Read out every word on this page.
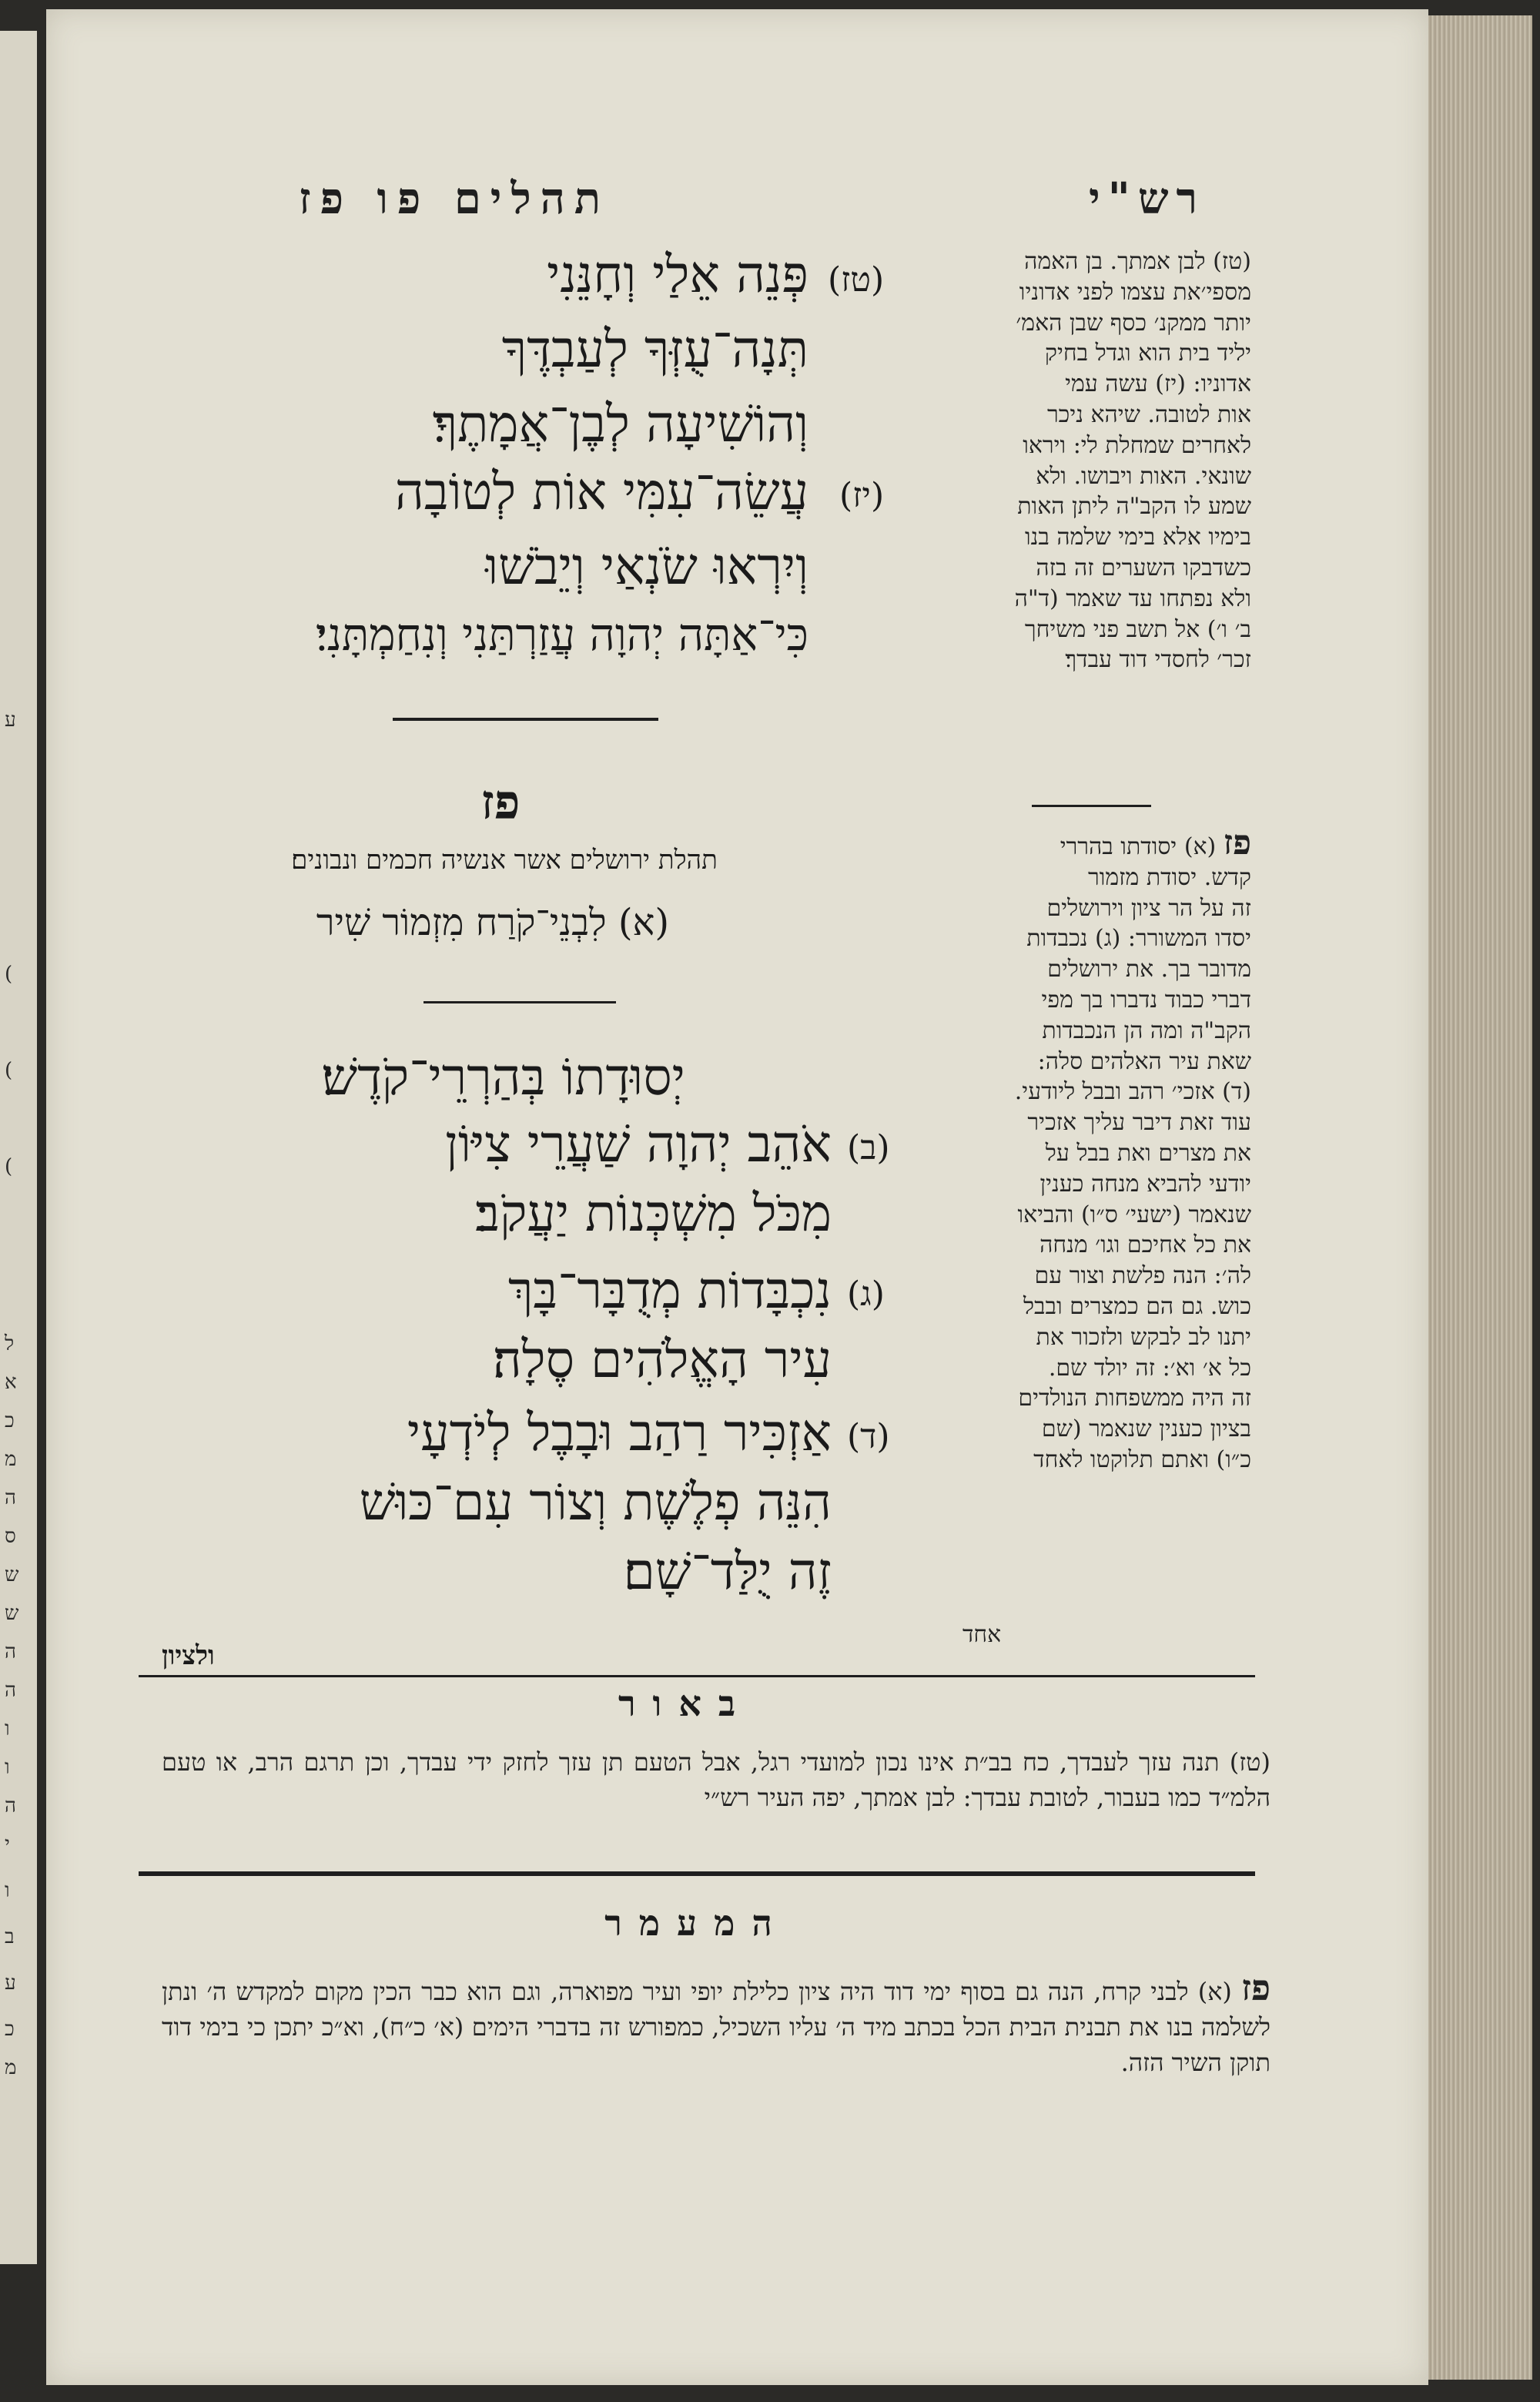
ע
(
(
(
ל
א
כ
מ
ה
ס
ש
ש
ה
ה
ו
ו
ה
י
ו
ב
ע
כ
מ
רש"י
תהלים פו פז
(טז)
פְּנֵה אֵלַי וְחָנֵּנִי
תְּנָה־עֻזְּךָ לְעַבְדֶּךָ
וְהוֹשִׁיעָה לְבֶן־אֲמָתֶךָ׃
(יז)
עֲשֵׂה־עִמִּי אוֹת לְטוֹבָה
וְיִרְאוּ שֹׂנְאַי וְיֵבֹשׁוּ
כִּי־אַתָּה יְהוָה עֲזַרְתַּנִי וְנִחַמְתָּנִי׃
פז
תהלת ירושלים אשר אנשיה חכמים ונבונים׃
(א) לִבְנֵי־קֹרַח מִזְמוֹר שִׁיר
יְסוּדָתוֹ בְּהַרְרֵי־קֹדֶשׁ׃
(ב)
אֹהֵב יְהוָה שַׁעֲרֵי צִיּוֹן
מִכֹּל מִשְׁכְּנוֹת יַעֲקֹב׃
(ג)
נִכְבָּדוֹת מְדֻבָּר־בָּךְ
עִיר הָאֱלֹהִים סֶלָה׃
(ד)
אַזְכִּיר רַהַב וּבָבֶל לְיֹדְעָי
הִנֵּה פְלֶשֶׁת וְצוֹר עִם־כּוּשׁ
זֶה יֻלַּד־שָׁם׃
ולציון
(טז) לבן אמתך. בן האמה
מספי׳את עצמו לפני אדוניו
יותר ממקנ׳ כסף שבן האמ׳
יליד בית הוא וגדל בחיק
אדוניו: (יז) עשה עמי
אות לטובה. שיהא ניכר
לאחרים שמחלת לי: ויראו
שונאי. האות ויבושו. ולא
שמע לו הקב"ה ליתן האות
בימיו אלא בימי שלמה בנו
כשדבקו השערים זה בזה
ולא נפתחו עד שאמר (ד"ה
ב׳ ו׳) אל תשב פני משיחך
זכר׳ לחסדי דוד עבדך׃
פז (א) יסודתו בהררי
קדש. יסודת מזמור
זה על הר ציון וירושלים
יסדו המשורר: (ג) נכבדות
מדובר בך. את ירושלים
דברי כבוד נדברו בך מפי
הקב"ה ומה הן הנכבדות
שאת עיר האלהים סלה:
(ד) אזכי׳ רהב ובבל ליודעי.
עוד זאת דיבר עליך אזכיר
את מצרים ואת בבל על
יודעי להביא מנחה כענין
שנאמר (ישעי׳ ס״ו) והביאו
את כל אחיכם וגו׳ מנחה
לה׳: הנה פלשת וצור עם
כוש. גם הם כמצרים ובבל
יתנו לב לבקש ולזכור את
כל א׳ וא׳: זה יולד שם.
זה היה ממשפחות הנולדים
בציון כענין שנאמר (שם
כ״ו) ואתם תלוקטו לאחד
אחד
באור
(טז) תנה עזך לעבדך, כח בב״ת אינו נכון למועדי רגל, אבל הטעם תן עזך לחזק ידי עבדך, וכן תרגם הרב, או טעם הלמ״ד כמו בעבור, לטובת עבדך: לבן אמתך, יפה העיר רש״י
המעמר
פז (א) לבני קרח, הנה גם בסוף ימי דוד היה ציון כלילת יופי ועיר מפוארה, וגם הוא כבר הכין מקום למקדש ה׳ ונתן לשלמה בנו את תבנית הבית הכל בכתב מיד ה׳ עליו השכיל, כמפורש זה בדברי הימים (א׳ כ״ח), וא״כ יתכן כי בימי דוד תוקן השיר הזה.
